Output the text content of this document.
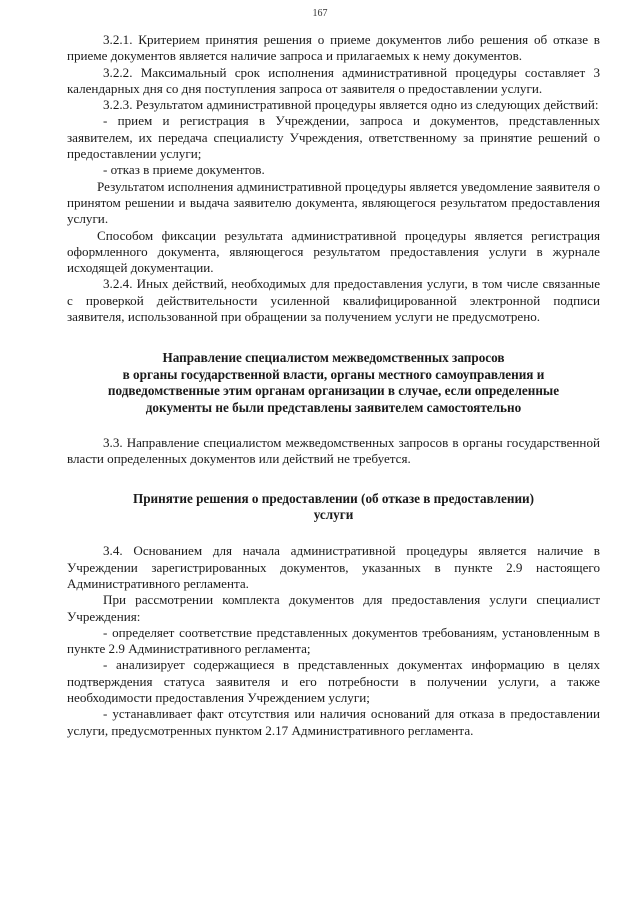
167

3.2.1. Критерием принятия решения о приеме документов либо решения об отказе в приеме документов является наличие запроса и прилагаемых к нему документов.

3.2.2. Максимальный срок исполнения административной процедуры составляет 3 календарных дня со дня поступления запроса от заявителя о предоставлении услуги.

3.2.3. Результатом административной процедуры является одно из следующих действий:

- прием и регистрация в Учреждении, запроса и документов, представленных заявителем, их передача специалисту Учреждения, ответственному за принятие решений о предоставлении услуги;

- отказ в приеме документов.

Результатом исполнения административной процедуры является уведомление заявителя о принятом решении и выдача заявителю документа, являющегося результатом предоставления услуги.

Способом фиксации результата административной процедуры является регистрация оформленного документа, являющегося результатом предоставления услуги в журнале исходящей документации.

3.2.4. Иных действий, необходимых для предоставления услуги, в том числе связанные с проверкой действительности усиленной квалифицированной электронной подписи заявителя, использованной при обращении за получением услуги не предусмотрено.

Направление специалистом межведомственных запросов
в органы государственной власти, органы местного самоуправления и
подведомственные этим органам организации в случае, если определенные
документы не были представлены заявителем самостоятельно

3.3. Направление специалистом межведомственных запросов в органы государственной власти определенных документов или действий не требуется.

Принятие решения о предоставлении (об отказе в предоставлении)
услуги

3.4. Основанием для начала административной процедуры является наличие в Учреждении зарегистрированных документов, указанных в пункте 2.9 настоящего Административного регламента.

При рассмотрении комплекта документов для предоставления услуги специалист Учреждения:

- определяет соответствие представленных документов требованиям, установленным в пункте 2.9 Административного регламента;

- анализирует содержащиеся в представленных документах информацию в целях подтверждения статуса заявителя и его потребности в получении услуги, а также необходимости предоставления Учреждением услуги;

- устанавливает факт отсутствия или наличия оснований для отказа в предоставлении услуги, предусмотренных пунктом 2.17 Административного регламента.
